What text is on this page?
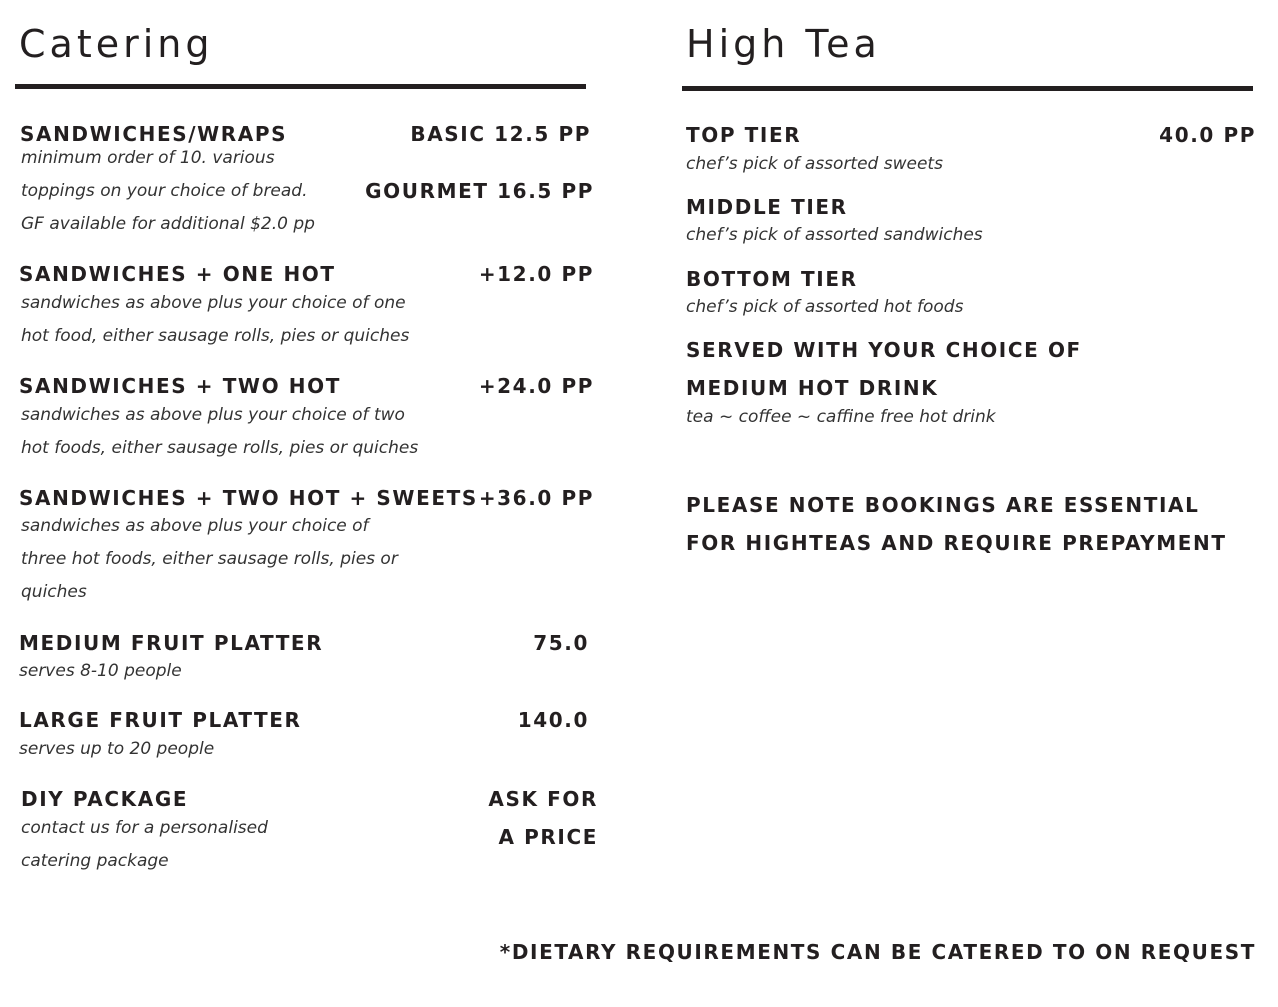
Catering

SANDWICHES/WRAPS	BASIC 12.5 PP

GOURMET 16.5 PP

minimum order of 10. various
toppings on your choice of bread.
GF available for additional $2.0 pp

SANDWICHES + ONE HOT	+12.0 PP

sandwiches as above plus your choice of one
hot food, either sausage rolls, pies or quiches

SANDWICHES + TWO HOT	+24.0 PP

sandwiches as above plus your choice of two
hot foods, either sausage rolls, pies or quiches

SANDWICHES + TWO HOT + SWEETS +36.0 PP

sandwiches as above plus your choice of
three hot foods, either sausage rolls, pies or
quiches

MEDIUM FRUIT PLATTER	75.0

serves 8-10 people

LARGE FRUIT PLATTER	140.0

serves up to 20 people

DIY PACKAGE	ASK FOR
A PRICE

contact us for a personalised
catering package

High Tea

TOP TIER	40.0 PP

chef’s pick of assorted sweets

MIDDLE TIER

chef’s pick of assorted sandwiches

BOTTOM TIER

chef’s pick of assorted hot foods

SERVED WITH YOUR CHOICE OF
MEDIUM HOT DRINK

tea ~ coffee ~ caffine free hot drink

PLEASE NOTE BOOKINGS ARE ESSENTIAL
FOR HIGHTEAS AND REQUIRE PREPAYMENT

*DIETARY REQUIREMENTS CAN BE CATERED TO ON REQUEST
